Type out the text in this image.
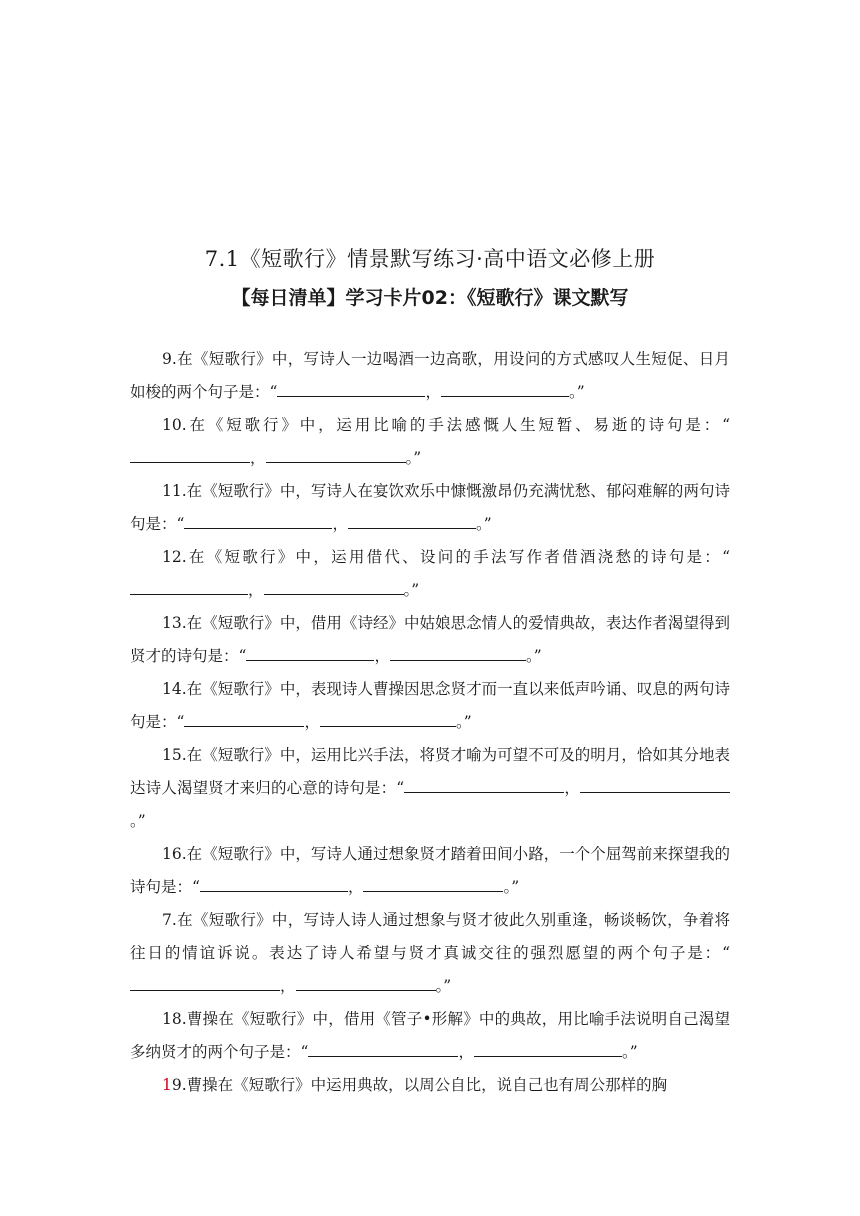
7.1《短歌行》情景默写练习·高中语文必修上册
【每日清单】学习卡片02：《短歌行》课文默写

9.在《短歌行》中，写诗人一边喝酒一边高歌，用设问的方式感叹人生短促、日月如梭的两个句子是：“	，	。”

10.在《短歌行》中，运用比喻的手法感慨人生短暂、易逝的诗句是：“，	。”

11.在《短歌行》中，写诗人在宴饮欢乐中慷慨激昂仍充满忧愁、郁闷难解的两句诗句是：“	，	。”

12.在《短歌行》中，运用借代、设问的手法写作者借酒浇愁的诗句是：“，	。”

13.在《短歌行》中，借用《诗经》中姑娘思念情人的爱情典故，表达作者渴望得到贤才的诗句是：“	，	。”

14.在《短歌行》中，表现诗人曹操因思念贤才而一直以来低声吟诵、叹息的两句诗句是：“	，	。”

15.在《短歌行》中，运用比兴手法，将贤才喻为可望不可及的明月，恰如其分地表达诗人渴望贤才来归的心意的诗句是：“	，。”

16.在《短歌行》中，写诗人通过想象贤才踏着田间小路，一个个屈驾前来探望我的诗句是：“	，	。”

7.在《短歌行》中，写诗人诗人通过想象与贤才彼此久别重逢，畅谈畅饮，争着将往日的情谊诉说。表达了诗人希望与贤才真诚交往的强烈愿望的两个句子是：“，	。”

18.曹操在《短歌行》中，借用《管子•形解》中的典故，用比喻手法说明自己渴望多纳贤才的两个句子是：“	，	。”

19.曹操在《短歌行》中运用典故，以周公自比，说自己也有周公那样的胸
